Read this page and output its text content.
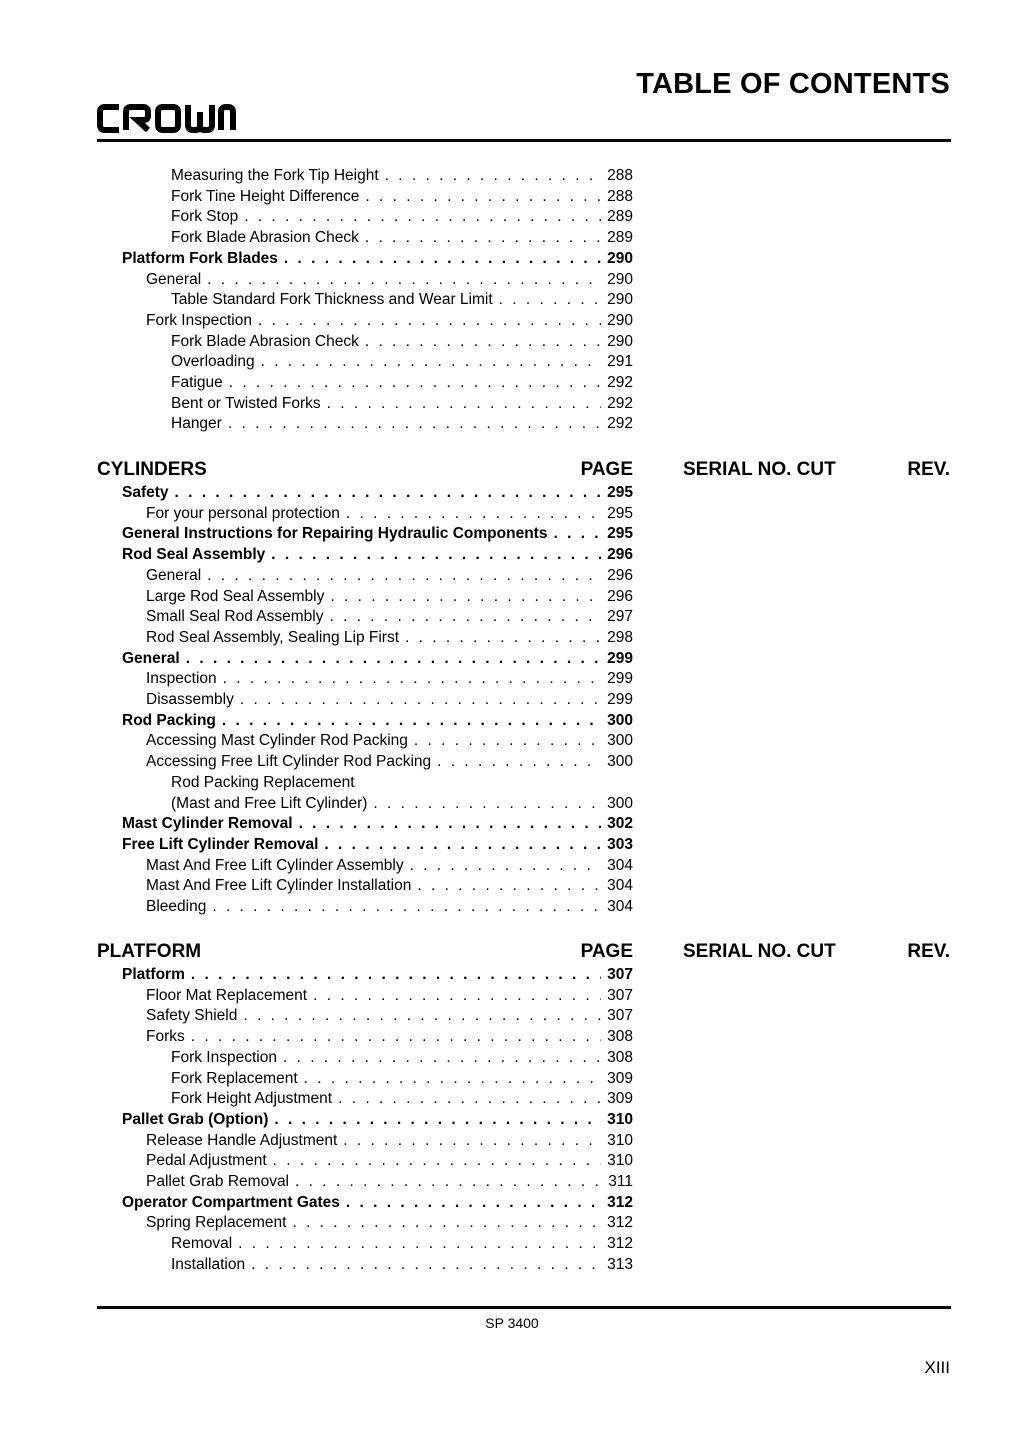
TABLE OF CONTENTS
Measuring the Fork Tip Height . . .	288
Fork Tine Height Difference . . .	288
Fork Stop . . .	289
Fork Blade Abrasion Check . . .	289
Platform Fork Blades . . .	290
General . . .	290
Table Standard Fork Thickness and Wear Limit . . .	290
Fork Inspection . . .	290
Fork Blade Abrasion Check . . .	290
Overloading . . .	291
Fatigue . . .	292
Bent or Twisted Forks . . .	292
Hanger . . .	292
CYLINDERS	PAGE	SERIAL NO. CUT	REV.
Safety . . .	295
For your personal protection . . .	295
General Instructions for Repairing Hydraulic Components . . .	295
Rod Seal Assembly . . .	296
General . . .	296
Large Rod Seal Assembly . . .	296
Small Seal Rod Assembly . . .	297
Rod Seal Assembly, Sealing Lip First . . .	298
General . . .	299
Inspection . . .	299
Disassembly . . .	299
Rod Packing . . .	300
Accessing Mast Cylinder Rod Packing . . .	300
Accessing Free Lift Cylinder Rod Packing . . .	300
Rod Packing Replacement
(Mast and Free Lift Cylinder) . . .	300
Mast Cylinder Removal . . .	302
Free Lift Cylinder Removal . . .	303
Mast And Free Lift Cylinder Assembly . . .	304
Mast And Free Lift Cylinder Installation . . .	304
Bleeding . . .	304
PLATFORM	PAGE	SERIAL NO. CUT	REV.
Platform . . .	307
Floor Mat Replacement . . .	307
Safety Shield . . .	307
Forks . . .	308
Fork Inspection . . .	308
Fork Replacement . . .	309
Fork Height Adjustment . . .	309
Pallet Grab (Option) . . .	310
Release Handle Adjustment . . .	310
Pedal Adjustment . . .	310
Pallet Grab Removal . . .	311
Operator Compartment Gates . . .	312
Spring Replacement . . .	312
Removal . . .	312
Installation . . .	313
SP 3400
XIII
